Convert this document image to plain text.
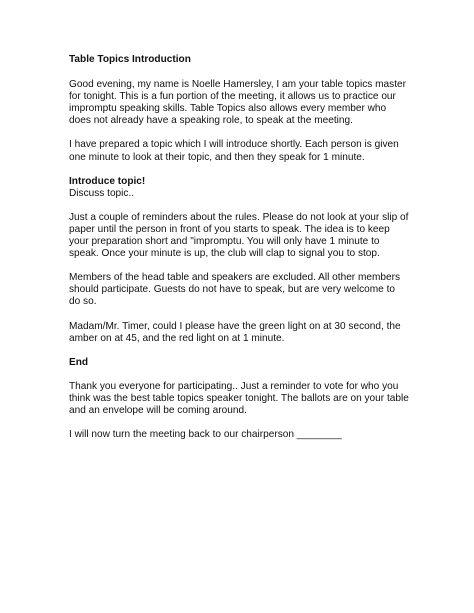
Table Topics Introduction

Good evening, my name is Noelle Hamersley, I am your table topics master for tonight. This is a fun portion of the meeting, it allows us to practice our impromptu speaking skills. Table Topics also allows every member who does not already have a speaking role, to speak at the meeting.

I have prepared a topic which I will introduce shortly. Each person is given one minute to look at their topic, and then they speak for 1 minute.

Introduce topic!

Discuss topic..

Just a couple of reminders about the rules. Please do not look at your slip of paper until the person in front of you starts to speak. The idea is to keep your preparation short and "impromptu. You will only have 1 minute to speak. Once your minute is up, the club will clap to signal you to stop.

Members of the head table and speakers are excluded. All other members should participate. Guests do not have to speak, but are very welcome to do so.

Madam/Mr. Timer, could I please have the green light on at 30 second, the amber on at 45, and the red light on at 1 minute.

End

Thank you everyone for participating.. Just a reminder to vote for who you think was the best table topics speaker tonight. The ballots are on your table and an envelope will be coming around.

I will now turn the meeting back to our chairperson ________
